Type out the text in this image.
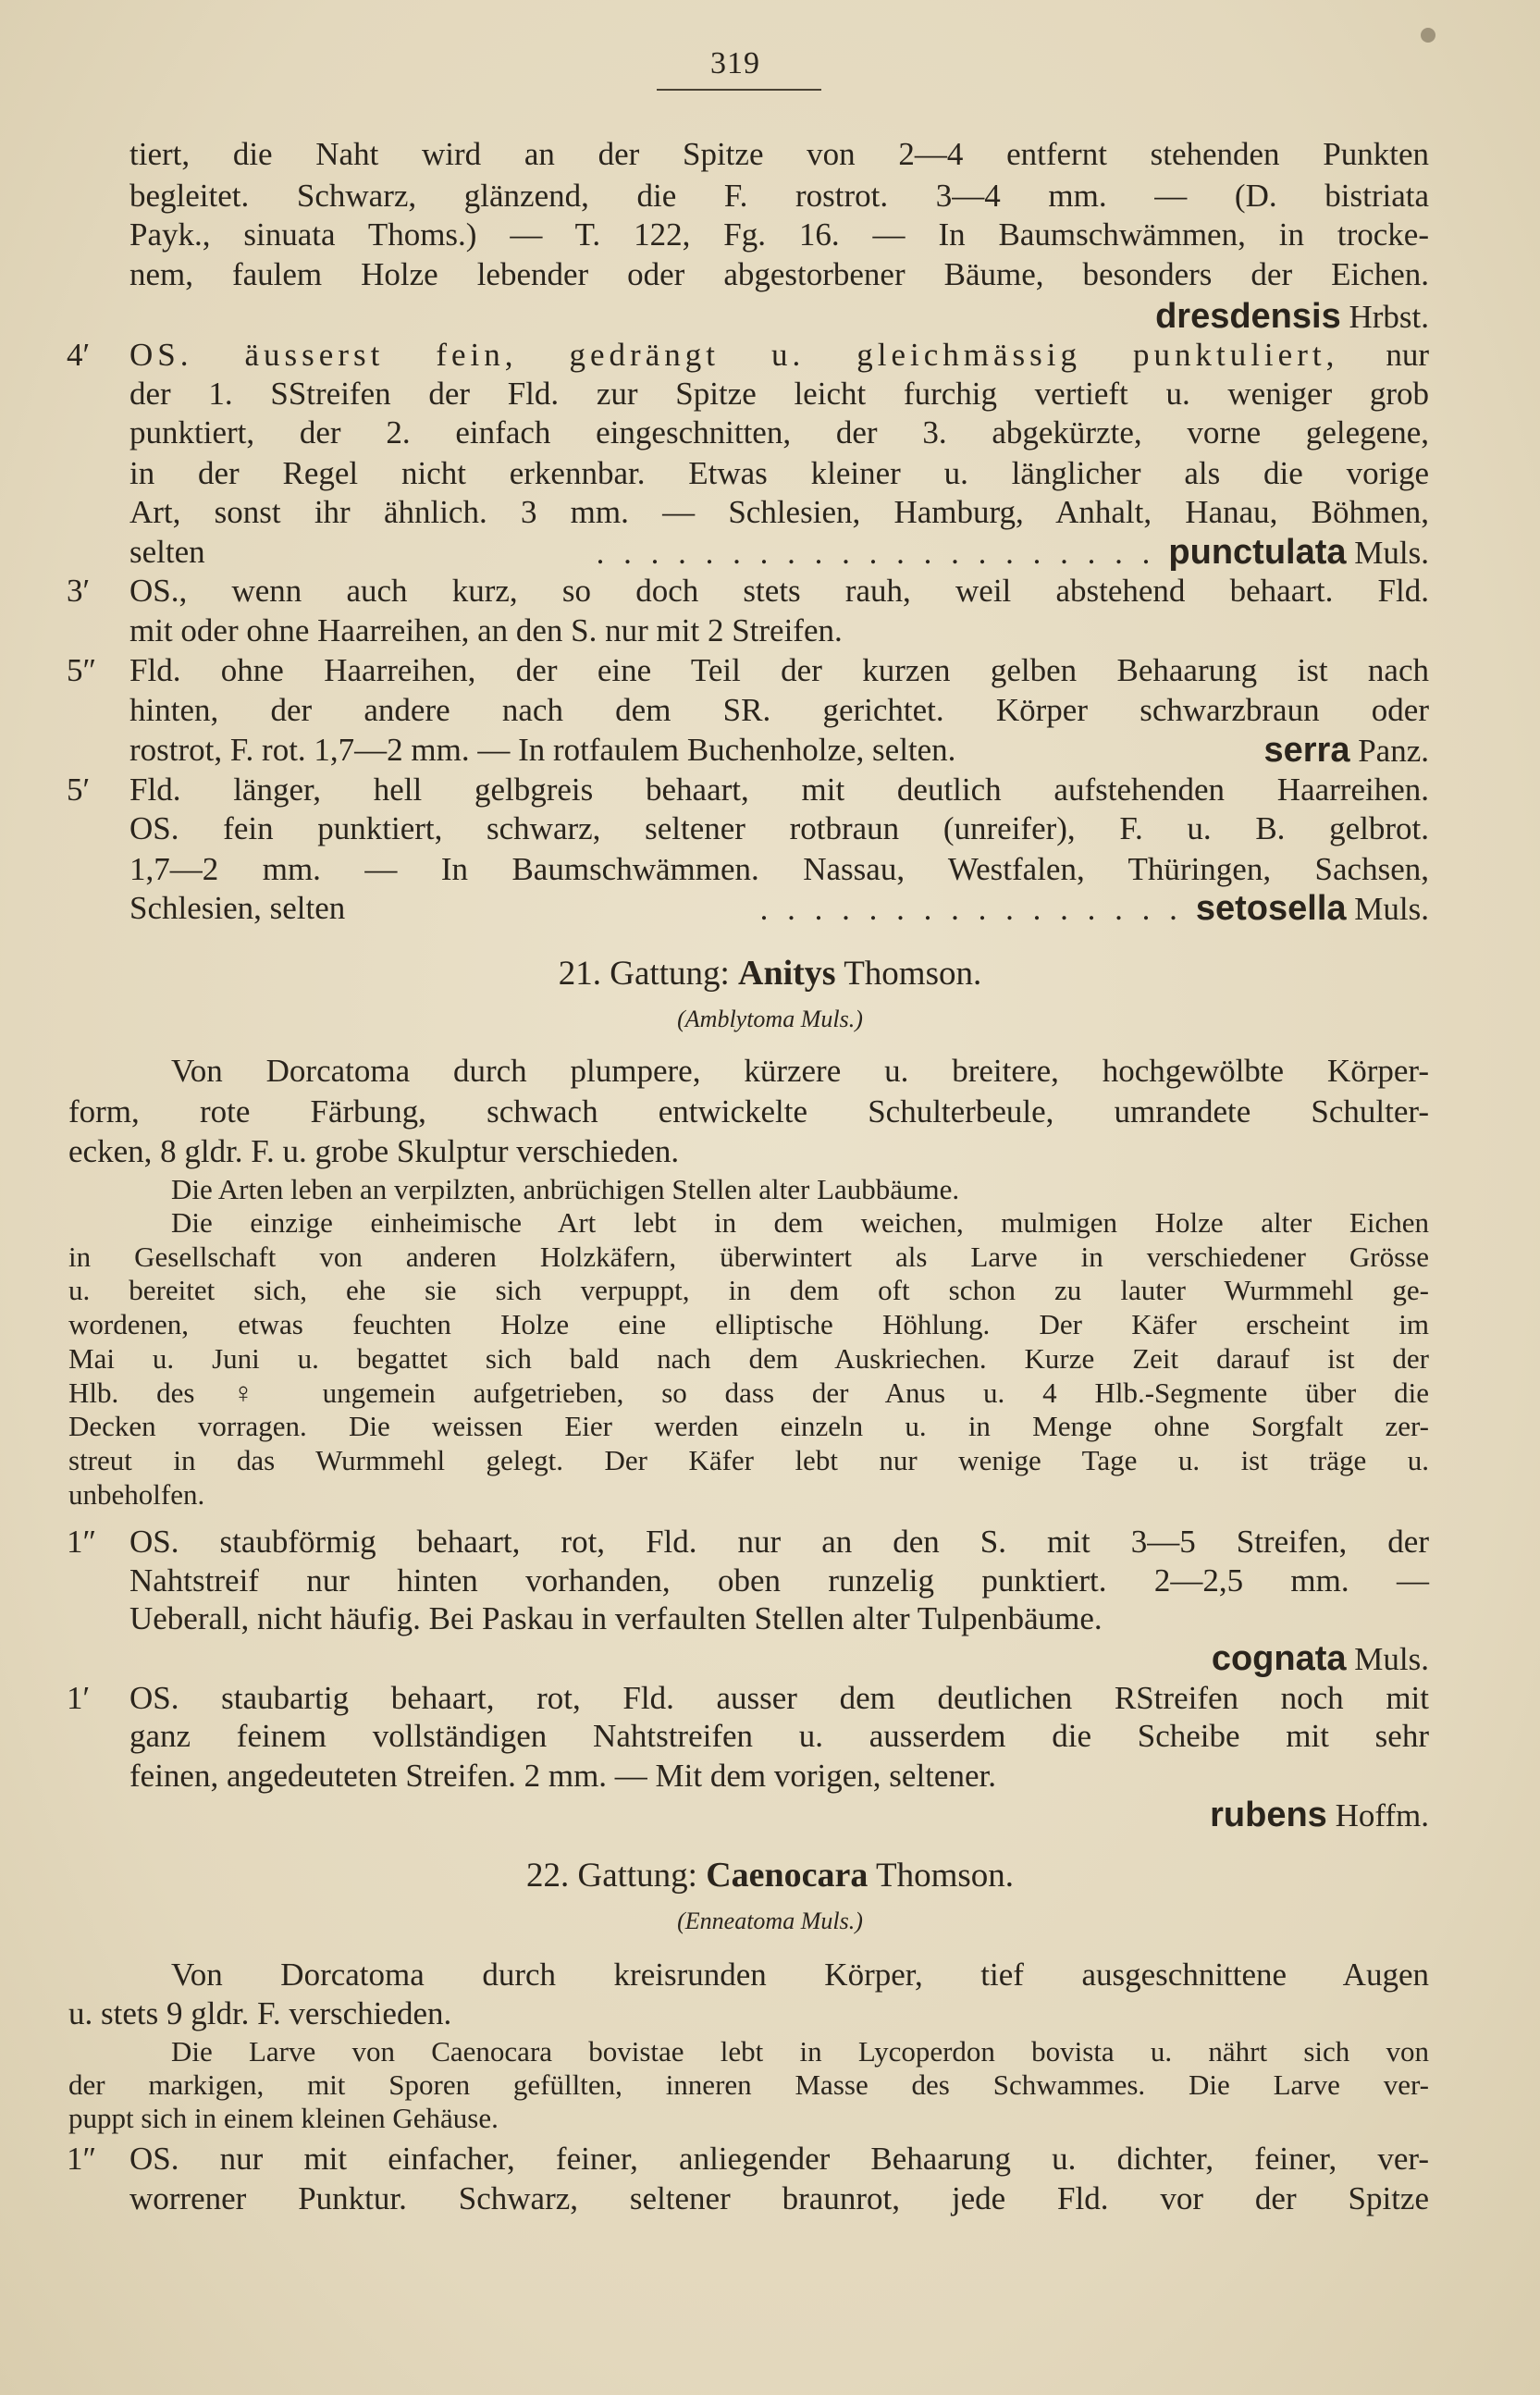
319
tiert, die Naht wird an der Spitze von 2—4 entfernt stehenden Punkten
begleitet. Schwarz, glänzend, die F. rostrot. 3—4 mm. — (D. bistriata
Payk., sinuata Thoms.) — T. 122, Fg. 16. — In Baumschwämmen, in trocke-
nem, faulem Holze lebender oder abgestorbener Bäume, besonders der Eichen.
dresdensis Hrbst.
4′ OS. äusserst fein, gedrängt u. gleichmässig punktuliert, nur
der 1. SStreifen der Fld. zur Spitze leicht furchig vertieft u. weniger grob
punktiert, der 2. einfach eingeschnitten, der 3. abgekürzte, vorne gelegene,
in der Regel nicht erkennbar. Etwas kleiner u. länglicher als die vorige
Art, sonst ihr ähnlich. 3 mm. — Schlesien, Hamburg, Anhalt, Hanau, Böhmen,
selten	. . . . . . . . . . . . . . . . . . . . . punctulata Muls.
3′ OS., wenn auch kurz, so doch stets rauh, weil abstehend behaart. Fld.
mit oder ohne Haarreihen, an den S. nur mit 2 Streifen.
5″ Fld. ohne Haarreihen, der eine Teil der kurzen gelben Behaarung ist nach
hinten, der andere nach dem SR. gerichtet. Körper schwarzbraun oder
rostrot, F. rot. 1,7—2 mm. — In rotfaulem Buchenholze, selten.	serra Panz.
5′ Fld. länger, hell gelbgreis behaart, mit deutlich aufstehenden Haarreihen.
OS. fein punktiert, schwarz, seltener rotbraun (unreifer), F. u. B. gelbrot.
1,7—2 mm. — In Baumschwämmen. Nassau, Westfalen, Thüringen, Sachsen,
Schlesien, selten	. . . . . . . . . . . . . . . . setosella Muls.
21. Gattung: Anitys Thomson.
(Amblytoma Muls.)
Von Dorcatoma durch plumpere, kürzere u. breitere, hochgewölbte Körper-
form, rote Färbung, schwach entwickelte Schulterbeule, umrandete Schulter-
ecken, 8 gldr. F. u. grobe Skulptur verschieden.
Die Arten leben an verpilzten, anbrüchigen Stellen alter Laubbäume.
Die einzige einheimische Art lebt in dem weichen, mulmigen Holze alter Eichen
in Gesellschaft von anderen Holzkäfern, überwintert als Larve in verschiedener Grösse
u. bereitet sich, ehe sie sich verpuppt, in dem oft schon zu lauter Wurmmehl ge-
wordenen, etwas feuchten Holze eine elliptische Höhlung. Der Käfer erscheint im
Mai u. Juni u. begattet sich bald nach dem Auskriechen. Kurze Zeit darauf ist der
Hlb. des ♀ ungemein aufgetrieben, so dass der Anus u. 4 Hlb.-Segmente über die
Decken vorragen. Die weissen Eier werden einzeln u. in Menge ohne Sorgfalt zer-
streut in das Wurmmehl gelegt. Der Käfer lebt nur wenige Tage u. ist träge u.
unbeholfen.
1″ OS. staubförmig behaart, rot, Fld. nur an den S. mit 3—5 Streifen, der
Nahtstreif nur hinten vorhanden, oben runzelig punktiert. 2—2,5 mm. —
Ueberall, nicht häufig. Bei Paskau in verfaulten Stellen alter Tulpenbäume.
cognata Muls.
1′ OS. staubartig behaart, rot, Fld. ausser dem deutlichen RStreifen noch mit
ganz feinem vollständigen Nahtstreifen u. ausserdem die Scheibe mit sehr
feinen, angedeuteten Streifen. 2 mm. — Mit dem vorigen, seltener.
rubens Hoffm.
22. Gattung: Caenocara Thomson.
(Enneatoma Muls.)
Von Dorcatoma durch kreisrunden Körper, tief ausgeschnittene Augen
u. stets 9 gldr. F. verschieden.
Die Larve von Caenocara bovistae lebt in Lycoperdon bovista u. nährt sich von
der markigen, mit Sporen gefüllten, inneren Masse des Schwammes. Die Larve ver-
puppt sich in einem kleinen Gehäuse.
1″ OS. nur mit einfacher, feiner, anliegender Behaarung u. dichter, feiner, ver-
worrener Punktur. Schwarz, seltener braunrot, jede Fld. vor der Spitze
